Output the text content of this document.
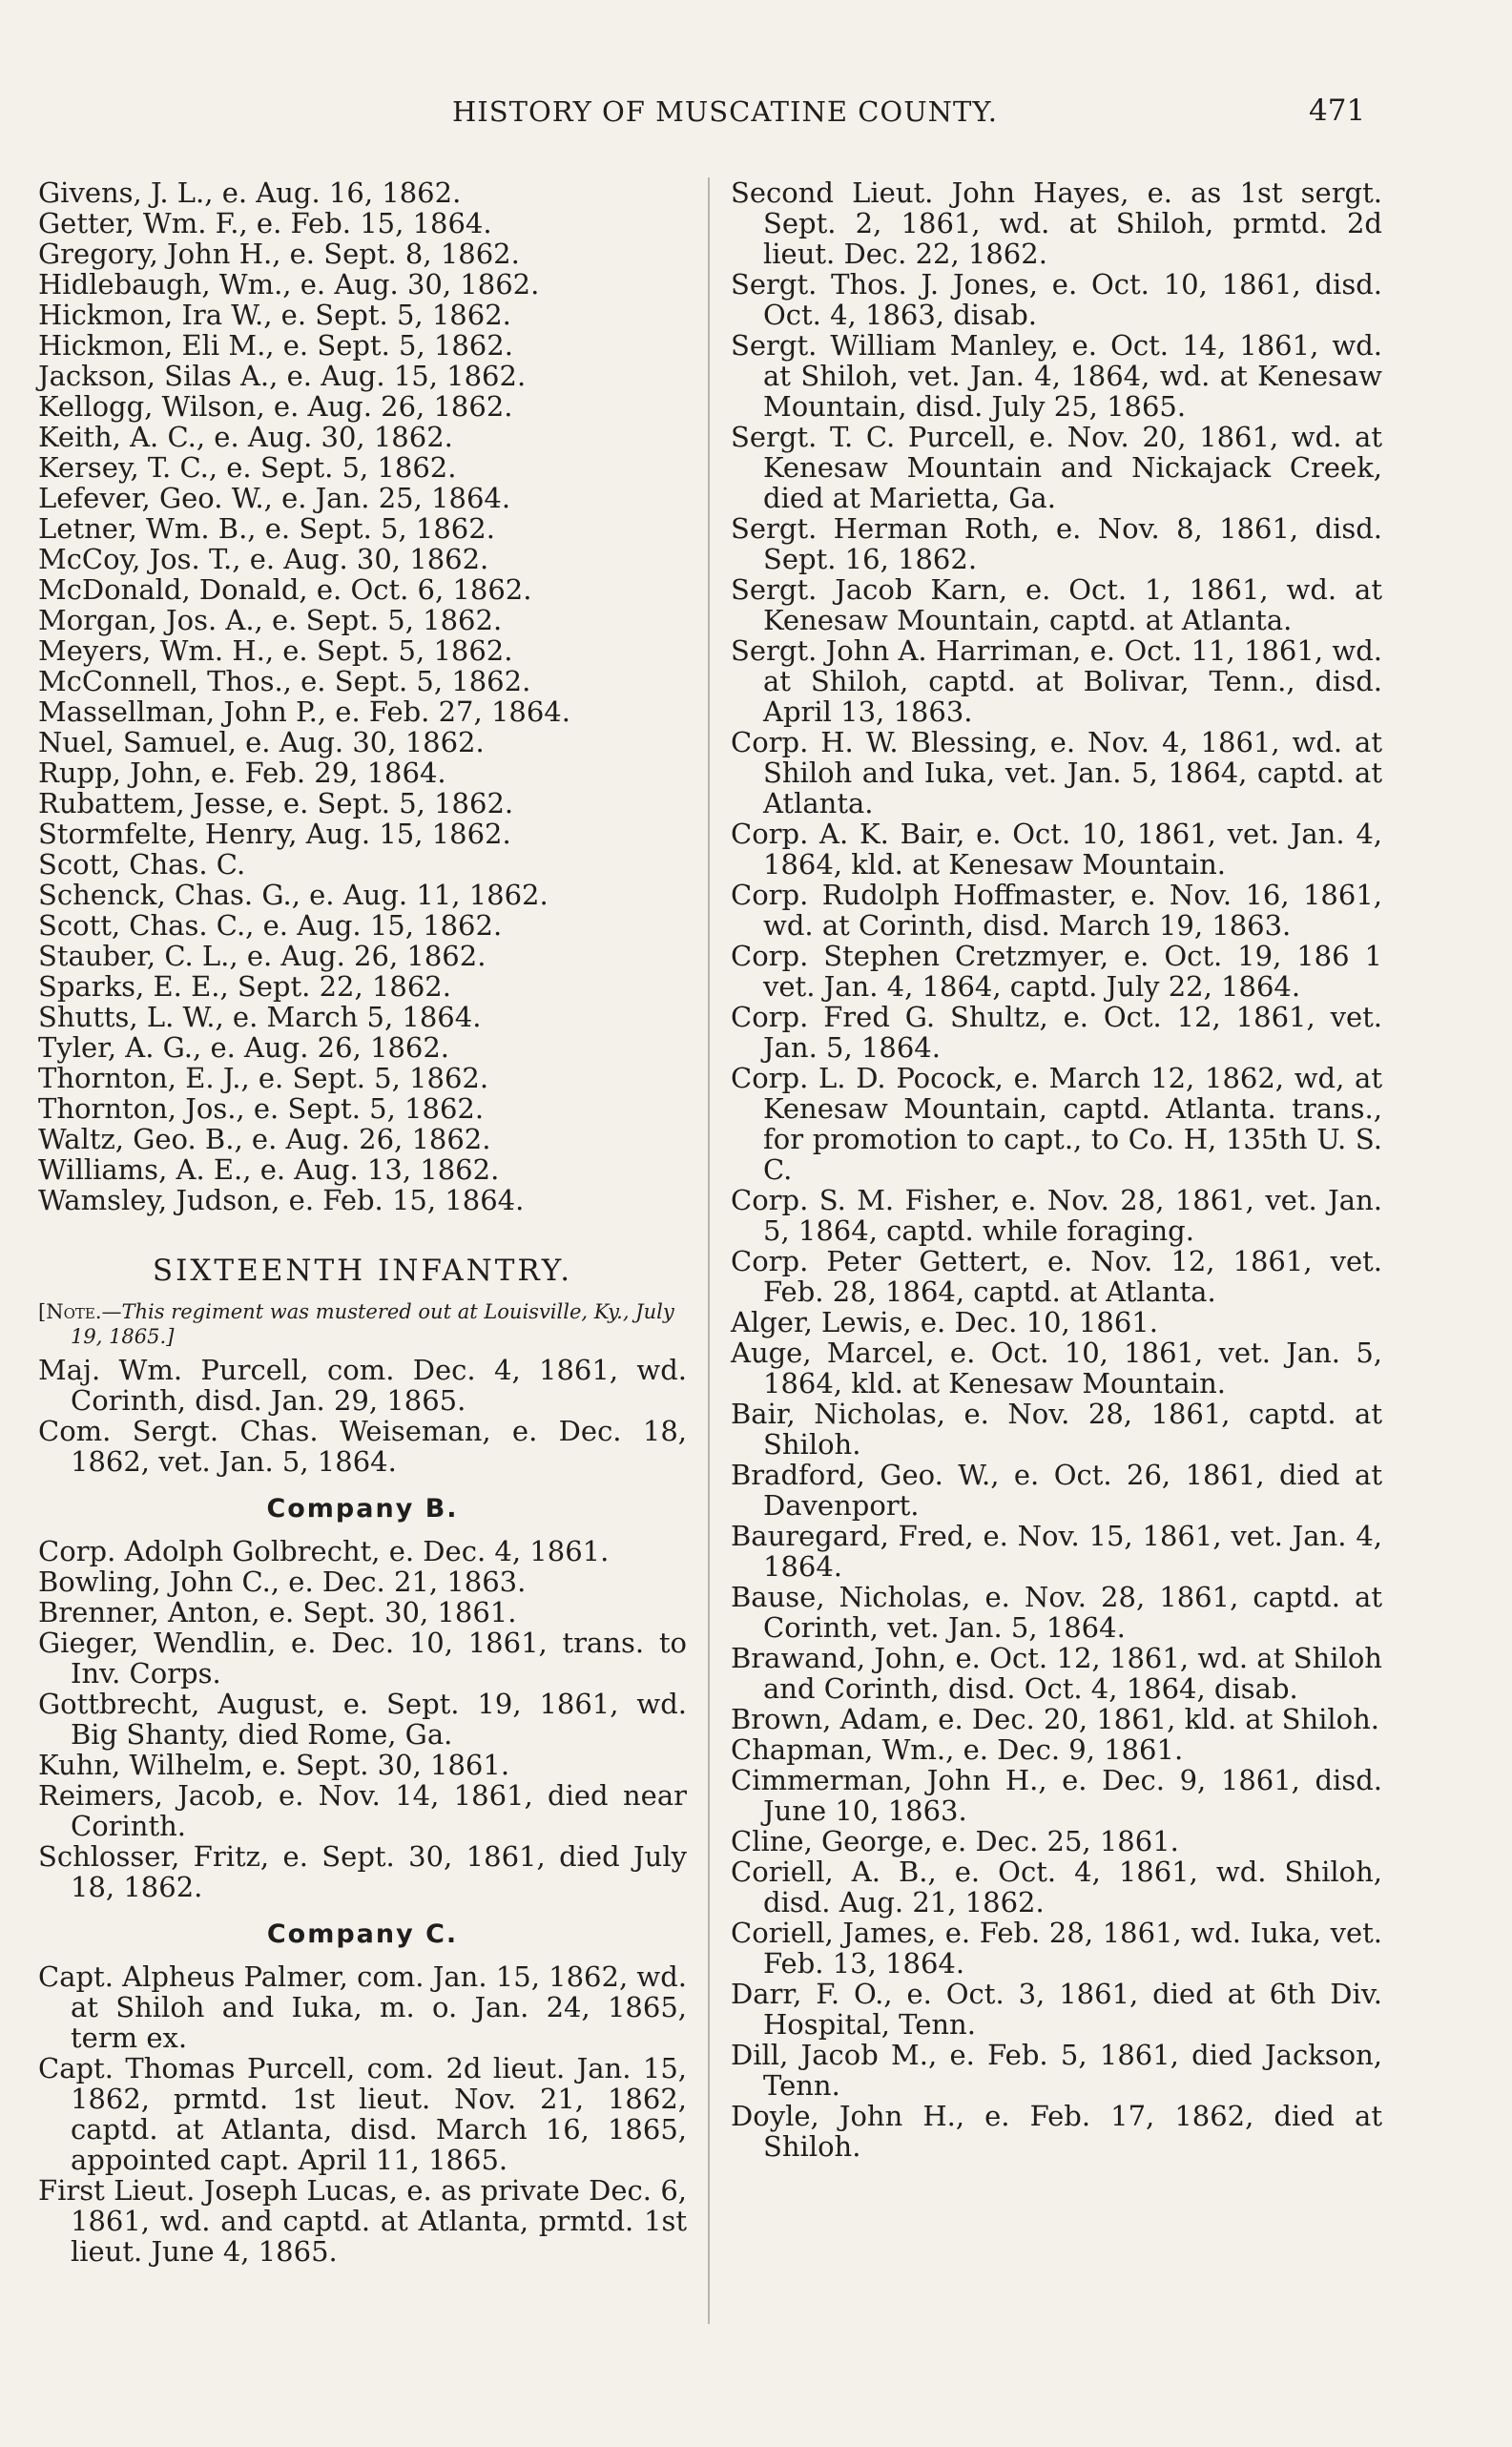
HISTORY OF MUSCATINE COUNTY.	471

Givens, J. L., e. Aug. 16, 1862.

Getter, Wm. F., e. Feb. 15, 1864.

Gregory, John H., e. Sept. 8, 1862.

Hidlebaugh, Wm., e. Aug. 30, 1862.

Hickmon, Ira W., e. Sept. 5, 1862.

Hickmon, Eli M., e. Sept. 5, 1862.

Jackson, Silas A., e. Aug. 15, 1862.

Kellogg, Wilson, e. Aug. 26, 1862.

Keith, A. C., e. Aug. 30, 1862.

Kersey, T. C., e. Sept. 5, 1862.

Lefever, Geo. W., e. Jan. 25, 1864.

Letner, Wm. B., e. Sept. 5, 1862.

McCoy, Jos. T., e. Aug. 30, 1862.

McDonald, Donald, e. Oct. 6, 1862.

Morgan, Jos. A., e. Sept. 5, 1862.

Meyers, Wm. H., e. Sept. 5, 1862.

McConnell, Thos., e. Sept. 5, 1862.

Massellman, John P., e. Feb. 27, 1864.

Nuel, Samuel, e. Aug. 30, 1862.

Rupp, John, e. Feb. 29, 1864.

Rubattem, Jesse, e. Sept. 5, 1862.

Stormfelte, Henry, Aug. 15, 1862.

Scott, Chas. C.

Schenck, Chas. G., e. Aug. 11, 1862.

Scott, Chas. C., e. Aug. 15, 1862.

Stauber, C. L., e. Aug. 26, 1862.

Sparks, E. E., Sept. 22, 1862.

Shutts, L. W., e. March 5, 1864.

Tyler, A. G., e. Aug. 26, 1862.

Thornton, E. J., e. Sept. 5, 1862.

Thornton, Jos., e. Sept. 5, 1862.

Waltz, Geo. B., e. Aug. 26, 1862.

Williams, A. E., e. Aug. 13, 1862.

Wamsley, Judson, e. Feb. 15, 1864.

SIXTEENTH INFANTRY.

[Note.—This regiment was mustered out at Louisville, Ky., July 19, 1865.]

Maj. Wm. Purcell, com. Dec. 4, 1861, wd. Corinth, disd. Jan. 29, 1865.

Com. Sergt. Chas. Weiseman, e. Dec. 18, 1862, vet. Jan. 5, 1864.

Company B.

Corp. Adolph Golbrecht, e. Dec. 4, 1861.

Bowling, John C., e. Dec. 21, 1863.

Brenner, Anton, e. Sept. 30, 1861.

Gieger, Wendlin, e. Dec. 10, 1861, trans. to Inv. Corps.

Gottbrecht, August, e. Sept. 19, 1861, wd. Big Shanty, died Rome, Ga.

Kuhn, Wilhelm, e. Sept. 30, 1861.

Reimers, Jacob, e. Nov. 14, 1861, died near Corinth.

Schlosser, Fritz, e. Sept. 30, 1861, died July 18, 1862.

Company C.

Capt. Alpheus Palmer, com. Jan. 15, 1862, wd. at Shiloh and Iuka, m. o. Jan. 24, 1865, term ex.

Capt. Thomas Purcell, com. 2d lieut. Jan. 15, 1862, prmtd. 1st lieut. Nov. 21, 1862, captd. at Atlanta, disd. March 16, 1865, appointed capt. April 11, 1865.

First Lieut. Joseph Lucas, e. as private Dec. 6, 1861, wd. and captd. at Atlanta, prmtd. 1st lieut. June 4, 1865.

Second Lieut. John Hayes, e. as 1st sergt. Sept. 2, 1861, wd. at Shiloh, prmtd. 2d lieut. Dec. 22, 1862.

Sergt. Thos. J. Jones, e. Oct. 10, 1861, disd. Oct. 4, 1863, disab.

Sergt. William Manley, e. Oct. 14, 1861, wd. at Shiloh, vet. Jan. 4, 1864, wd. at Kenesaw Mountain, disd. July 25, 1865.

Sergt. T. C. Purcell, e. Nov. 20, 1861, wd. at Kenesaw Mountain and Nickajack Creek, died at Marietta, Ga.

Sergt. Herman Roth, e. Nov. 8, 1861, disd. Sept. 16, 1862.

Sergt. Jacob Karn, e. Oct. 1, 1861, wd. at Kenesaw Mountain, captd. at Atlanta.

Sergt. John A. Harriman, e. Oct. 11, 1861, wd. at Shiloh, captd. at Bolivar, Tenn., disd. April 13, 1863.

Corp. H. W. Blessing, e. Nov. 4, 1861, wd. at Shiloh and Iuka, vet. Jan. 5, 1864, captd. at Atlanta.

Corp. A. K. Bair, e. Oct. 10, 1861, vet. Jan. 4, 1864, kld. at Kenesaw Mountain.

Corp. Rudolph Hoffmaster, e. Nov. 16, 1861, wd. at Corinth, disd. March 19, 1863.

Corp. Stephen Cretzmyer, e. Oct. 19, 186 1 vet. Jan. 4, 1864, captd. July 22, 1864.

Corp. Fred G. Shultz, e. Oct. 12, 1861, vet. Jan. 5, 1864.

Corp. L. D. Pocock, e. March 12, 1862, wd, at Kenesaw Mountain, captd. Atlanta. trans., for promotion to capt., to Co. H, 135th U. S. C.

Corp. S. M. Fisher, e. Nov. 28, 1861, vet. Jan. 5, 1864, captd. while foraging.

Corp. Peter Gettert, e. Nov. 12, 1861, vet. Feb. 28, 1864, captd. at Atlanta.

Alger, Lewis, e. Dec. 10, 1861.

Auge, Marcel, e. Oct. 10, 1861, vet. Jan. 5, 1864, kld. at Kenesaw Mountain.

Bair, Nicholas, e. Nov. 28, 1861, captd. at Shiloh.

Bradford, Geo. W., e. Oct. 26, 1861, died at Davenport.

Bauregard, Fred, e. Nov. 15, 1861, vet. Jan. 4, 1864.

Bause, Nicholas, e. Nov. 28, 1861, captd. at Corinth, vet. Jan. 5, 1864.

Brawand, John, e. Oct. 12, 1861, wd. at Shiloh and Corinth, disd. Oct. 4, 1864, disab.

Brown, Adam, e. Dec. 20, 1861, kld. at Shiloh.

Chapman, Wm., e. Dec. 9, 1861.

Cimmerman, John H., e. Dec. 9, 1861, disd. June 10, 1863.

Cline, George, e. Dec. 25, 1861.

Coriell, A. B., e. Oct. 4, 1861, wd. Shiloh, disd. Aug. 21, 1862.

Coriell, James, e. Feb. 28, 1861, wd. Iuka, vet. Feb. 13, 1864.

Darr, F. O., e. Oct. 3, 1861, died at 6th Div. Hospital, Tenn.

Dill, Jacob M., e. Feb. 5, 1861, died Jackson, Tenn.

Doyle, John H., e. Feb. 17, 1862, died at Shiloh.
